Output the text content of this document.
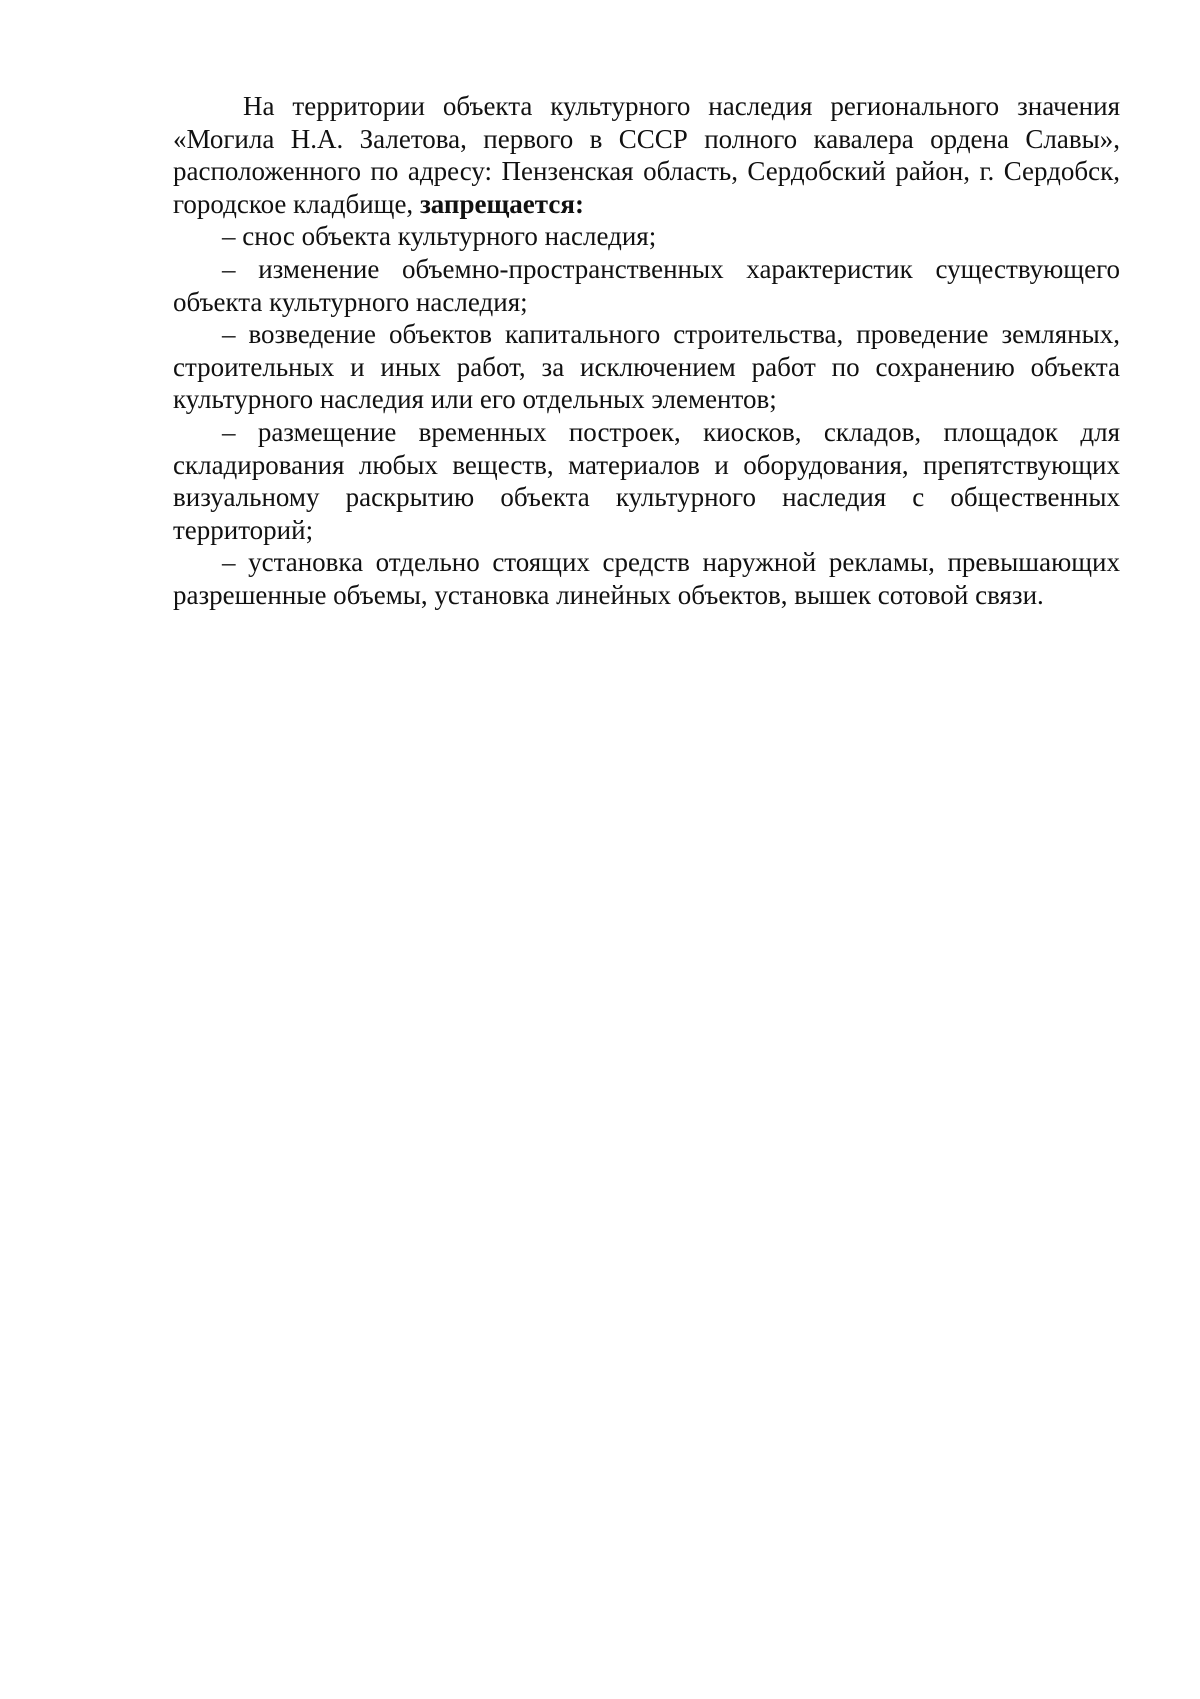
На территории объекта культурного наследия регионального значения «Могила Н.А. Залетова, первого в СССР полного кавалера ордена Славы», расположенного по адресу: Пензенская область, Сердобский район, г. Сердобск, городское кладбище, запрещается:

– снос объекта культурного наследия;

– изменение объемно-пространственных характеристик существующего объекта культурного наследия;

– возведение объектов капитального строительства, проведение земляных, строительных и иных работ, за исключением работ по сохранению объекта культурного наследия или его отдельных элементов;

– размещение временных построек, киосков, складов, площадок для складирования любых веществ, материалов и оборудования, препятствующих визуальному раскрытию объекта культурного наследия с общественных территорий;

– установка отдельно стоящих средств наружной рекламы, превышающих разрешенные объемы, установка линейных объектов, вышек сотовой связи.
